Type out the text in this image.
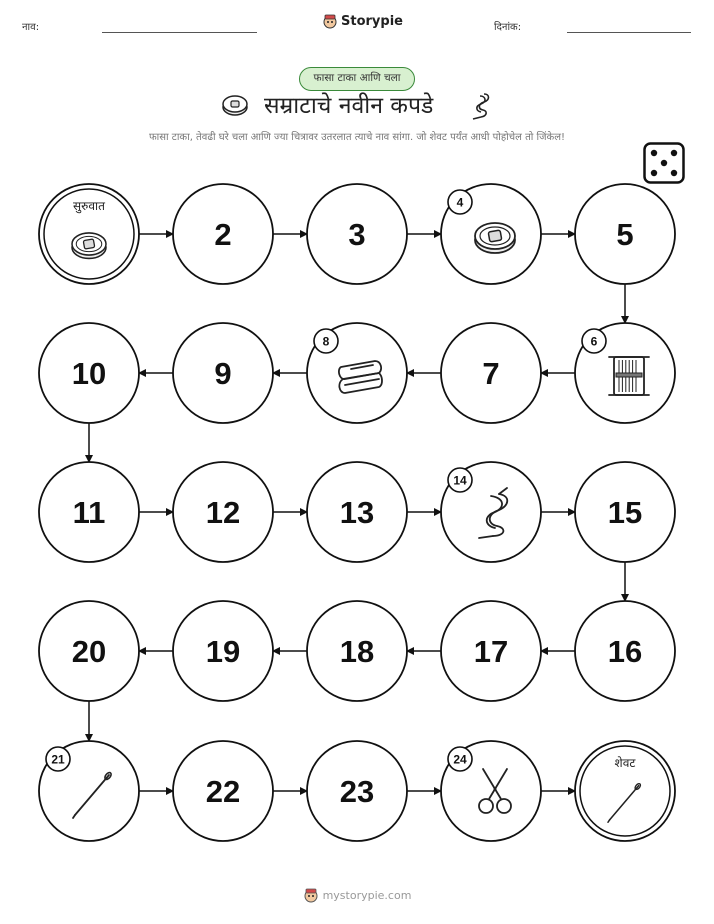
नाव:	Storypie	दिनांक:
फासा टाका आणि चला
सम्राटाचे नवीन कपडे
फासा टाका, तेवढी घरे चला आणि ज्या चित्रावर उतरलात त्याचे नाव सांगा. जो शेवट पर्यंत आधी पोहोचेल तो जिंकेल!
सुरुवात
2	3
4
5
6
7
8
9
10
11	12	13
14
15
16
17
18
19
20
21
22	23
24	शेवट
mystorypie.com
